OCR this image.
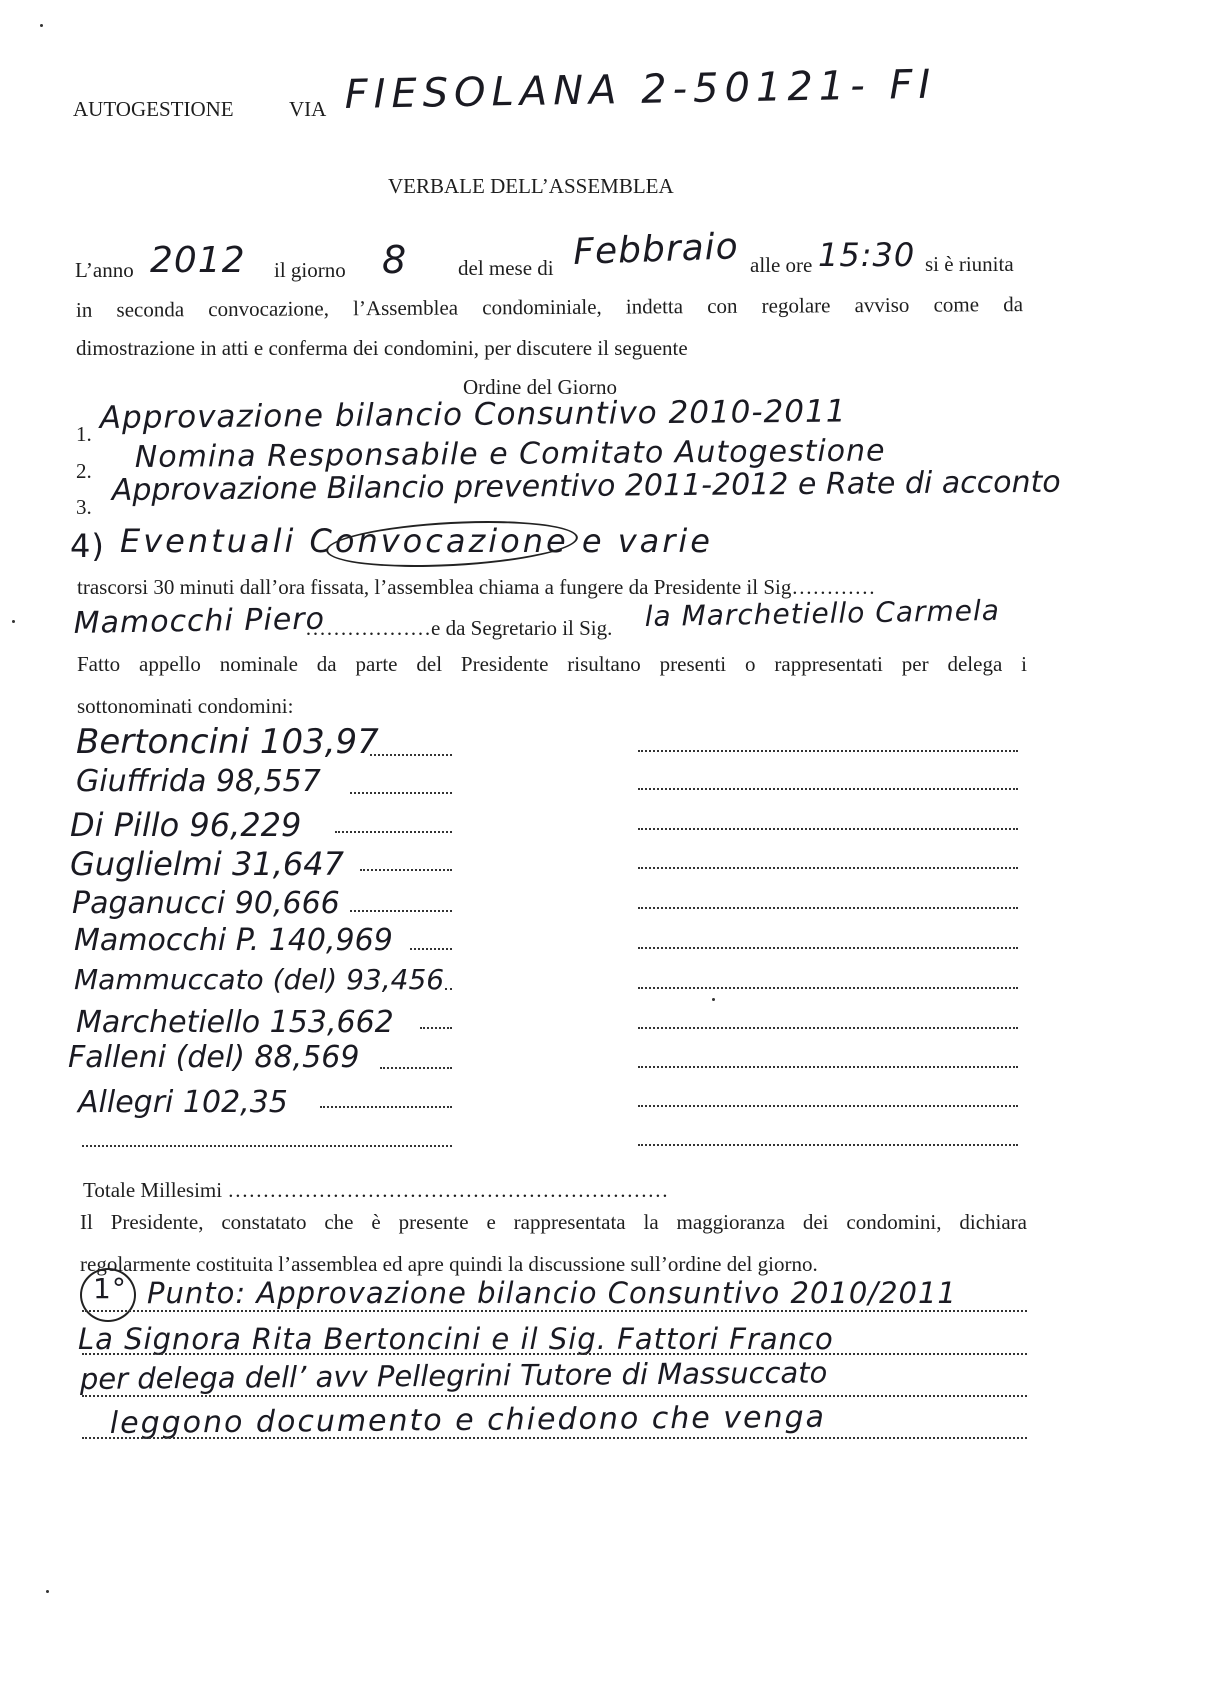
AUTOGESTIONE	VIA FIESOLANA 2-50121- FI
VERBALE DELL’ASSEMBLEA
L’anno 2012 il giorno 8 del mese di Febbraio alle ore 15:30 si è riunita
in seconda convocazione, l’Assemblea condominiale, indetta con regolare avviso come da
dimostrazione in atti e conferma dei condomini, per discutere il seguente
Ordine del Giorno
1. Approvazione bilancio Consuntivo 2010-2011
2. Nomina Responsabile e Comitato Autogestione
3. Approvazione Bilancio preventivo 2011-2012 e Rate di acconto
4) Eventuali Convocazione e varie
trascorsi 30 minuti dall’ora fissata, l’assemblea chiama a fungere da Presidente il Sig…………
Mamocchi Piero
………………e da Segretario il Sig. la Marchetiello Carmela
Fatto appello nominale da parte del Presidente risultano presenti o rappresentati per delega i
sottonominati condomini:
Bertoncini 103,97
Giuffrida 98,557
Di Pillo 96,229
Guglielmi 31,647
Paganucci 90,666
Mamocchi P. 140,969
Mammuccato (del) 93,456
Marchetiello 153,662
Falleni (del) 88,569
Allegri 102,35
Totale Millesimi ………………………………………………………
Il Presidente, constatato che è presente e rappresentata la maggioranza dei condomini, dichiara
regolarmente costituita l’assemblea ed apre quindi la discussione sull’ordine del giorno.
1° Punto: Approvazione bilancio Consuntivo 2010/2011
La Signora Rita Bertoncini e il Sig. Fattori Franco
per delega dell’ avv Pellegrini Tutore di Massuccato
leggono documento e chiedono che venga
